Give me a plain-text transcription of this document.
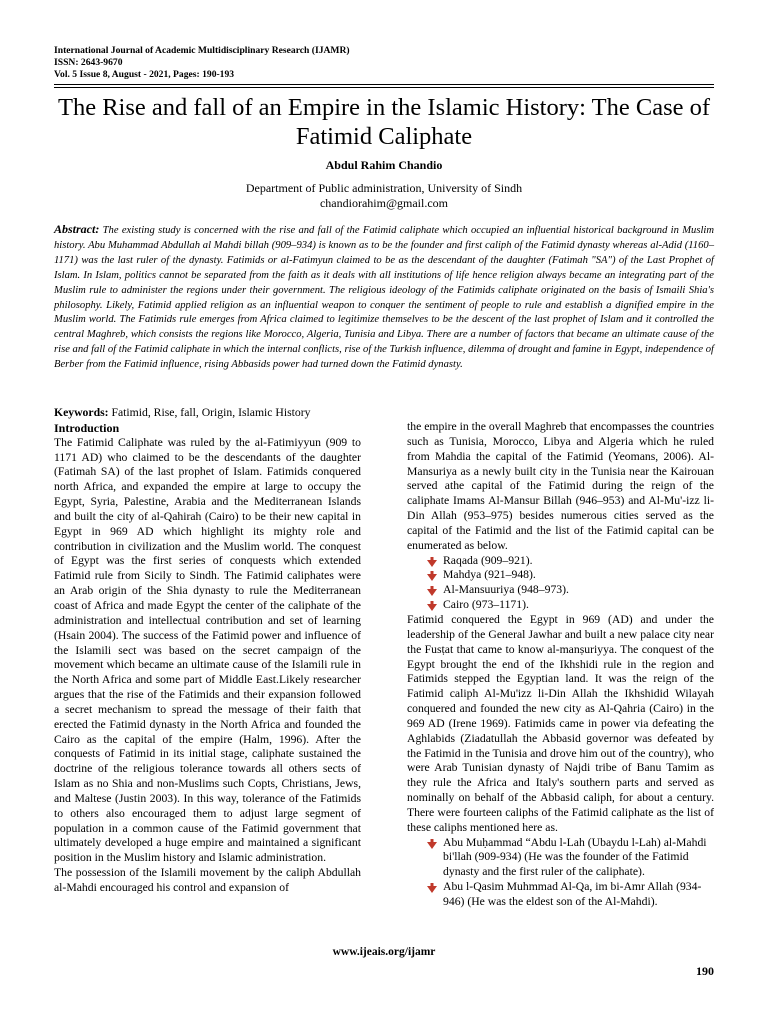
International Journal of Academic Multidisciplinary Research (IJAMR)
ISSN: 2643-9670
Vol. 5 Issue 8, August - 2021, Pages: 190-193
The Rise and fall of an Empire in the Islamic History: The Case of Fatimid Caliphate
Abdul Rahim Chandio
Department of Public administration, University of Sindh
chandiorahim@gmail.com
Abstract: The existing study is concerned with the rise and fall of the Fatimid caliphate which occupied an influential historical background in Muslim history. Abu Muhammad Abdullah al Mahdi billah (909–934) is known as to be the founder and first caliph of the Fatimid dynasty whereas al-Adid (1160–1171) was the last ruler of the dynasty. Fatimids or al-Fatimyun claimed to be as the descendant of the daughter (Fatimah "SA") of the Last Prophet of Islam. In Islam, politics cannot be separated from the faith as it deals with all institutions of life hence religion always became an integrating part of the Muslim rule to administer the regions under their government. The religious ideology of the Fatimids caliphate originated on the basis of Ismaili Shia's philosophy. Likely, Fatimid applied religion as an influential weapon to conquer the sentiment of people to rule and establish a dignified empire in the Muslim world. The Fatimids rule emerges from Africa claimed to legitimize themselves to be the descent of the last prophet of Islam and it controlled the central Maghreb, which consists the regions like Morocco, Algeria, Tunisia and Libya. There are a number of factors that became an ultimate cause of the rise and fall of the Fatimid caliphate in which the internal conflicts, rise of the Turkish influence, dilemma of drought and famine in Egypt, independence of Berber from the Fatimid influence, rising Abbasids power had turned down the Fatimid dynasty.

Keywords: Fatimid, Rise, fall, Origin, Islamic History

Introduction

The Fatimid Caliphate was ruled by the al-Fatimiyyun (909 to 1171 AD) who claimed to be the descendants of the daughter (Fatimah SA) of the last prophet of Islam. Fatimids conquered north Africa, and expanded the empire at large to occupy the Egypt, Syria, Palestine, Arabia and the Mediterranean Islands and built the city of al-Qahirah (Cairo) to be their new capital in Egypt in 969 AD which highlight its mighty role and contribution in civilization and the Muslim world. The conquest of Egypt was the first series of conquests which extended Fatimid rule from Sicily to Sindh. The Fatimid caliphates were an Arab origin of the Shia dynasty to rule the Mediterranean coast of Africa and made Egypt the center of the caliphate of the administration and intellectual contribution and set of learning (Hsain 2004). The success of the Fatimid power and influence of the Islamili sect was based on the secret campaign of the movement which became an ultimate cause of the Islamili rule in the North Africa and some part of Middle East.Likely researcher argues that the rise of the Fatimids and their expansion followed a secret mechanism to spread the message of their faith that erected the Fatimid dynasty in the North Africa and founded the Cairo as the capital of the empire (Halm, 1996). After the conquests of Fatimid in its initial stage, caliphate sustained the doctrine of the religious tolerance towards all others sects of Islam as no Shia and non-Muslims such Copts, Christians, Jews, and Maltese (Justin 2003). In this way, tolerance of the Fatimids to others also encouraged them to adjust large segment of population in a common cause of the Fatimid government that ultimately developed a huge empire and maintained a significant position in the Muslim history and Islamic administration.

The possession of the Islamili movement by the caliph Abdullah al-Mahdi encouraged his control and expansion of

the empire in the overall Maghreb that encompasses the countries such as Tunisia, Morocco, Libya and Algeria which he ruled from Mahdia the capital of the Fatimid (Yeomans, 2006). Al-Mansuriya as a newly built city in the Tunisia near the Kairouan served athe capital of the Fatimid during the reign of the caliphate Imams Al-Mansur Billah (946–953) and Al-Mu'-izz li-Din Allah (953–975) besides numerous cities served as the capital of the Fatimid and the list of the Fatimid capital can be enumerated as below.

Raqada (909–921).
Mahdya (921–948).
Al-Mansuuriya (948–973).
Cairo (973–1171).

Fatimid conquered the Egypt in 969 (AD) and under the leadership of the General Jawhar and built a new palace city near the Fusṭat that came to know al-manṣuriyya. The conquest of the Egypt brought the end of the Ikhshidi rule in the region and Fatimids stepped the Egyptian land. It was the reign of the Fatimid caliph Al-Mu'izz li-Din Allah the Ikhshidid Wilayah conquered and founded the new city as Al-Qahria (Cairo) in the 969 AD (Irene 1969). Fatimids came in power via defeating the Aghlabids (Ziadatullah the Abbasid governor was defeated by the Fatimid in the Tunisia and drove him out of the country), who were Arab Tunisian dynasty of Najdi tribe of Banu Tamim as they rule the Africa and Italy's southern parts and served as nominally on behalf of the Abbasid caliph, for about a century. There were fourteen caliphs of the Fatimid caliphate as the list of these caliphs mentioned here as.

Abu Muḥammad “Abdu l-Lah (Ubaydu l-Lah) al-Mahdi bi'llah (909-934) (He was the founder of the Fatimid dynasty and the first ruler of the caliphate).
Abu l-Qasim Muhmmad Al-Qa, im bi-Amr Allah (934-946) (He was the eldest son of the Al-Mahdi).
www.ijeais.org/ijamr
190
